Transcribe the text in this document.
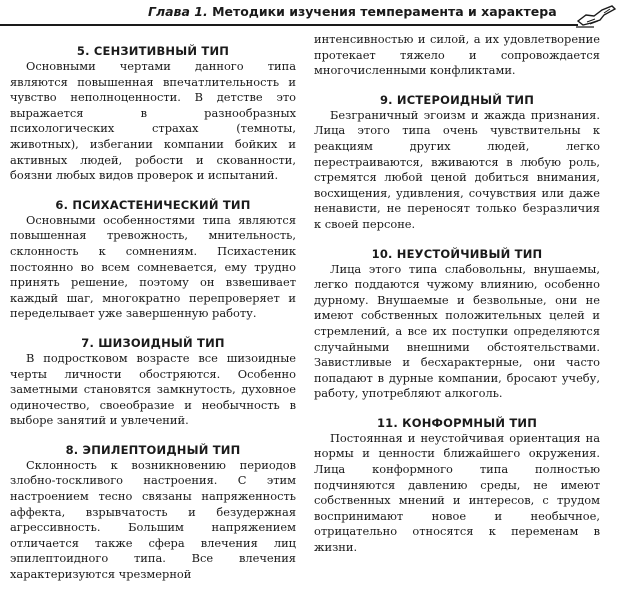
Глава 1. Методики изучения темперамента и характера
5. СЕНЗИТИВНЫЙ ТИП

Основными чертами данного типа являются повышенная впечатлительность и чувство неполноценности. В детстве это выражается в разнообразных психологических страхах (темноты, животных), избегании компании бойких и активных людей, робости и скованности, боязни любых видов проверок и испытаний.

6. ПСИХАСТЕНИЧЕСКИЙ ТИП

Основными особенностями типа являются повышенная тревожность, мнительность, склонность к сомнениям. Психастеник постоянно во всем сомневается, ему трудно принять решение, поэтому он взвешивает каждый шаг, многократно перепроверяет и переделывает уже завершенную работу.

7. ШИЗОИДНЫЙ ТИП

В подростковом возрасте все шизоидные черты личности обостряются. Особенно заметными становятся замкнутость, духовное одиночество, своеобразие и необычность в выборе занятий и увлечений.

8. ЭПИЛЕПТОИДНЫЙ ТИП

Склонность к возникновению периодов злобно-тоскливого настроения. С этим настроением тесно связаны напряженность аффекта, взрывчатость и безудержная агрессивность. Большим напряжением отличается также сфера влечения лиц эпилептоидного типа. Все влечения характеризуются чрезмерной

интенсивностью и силой, а их удовлетворение протекает тяжело и сопровождается многочисленными конфликтами.

9. ИСТЕРОИДНЫЙ ТИП

Безграничный эгоизм и жажда признания. Лица этого типа очень чувствительны к реакциям других людей, легко перестраиваются, вживаются в любую роль, стремятся любой ценой добиться внимания, восхищения, удивления, сочувствия или даже ненависти, не переносят только безразличия к своей персоне.

10. НЕУСТОЙЧИВЫЙ ТИП

Лица этого типа слабовольны, внушаемы, легко поддаются чужому влиянию, особенно дурному. Внушаемые и безвольные, они не имеют собственных положительных целей и стремлений, а все их поступки определяются случайными внешними обстоятельствами. Завистливые и бесхарактерные, они часто попадают в дурные компании, бросают учебу, работу, употребляют алкоголь.

11. КОНФОРМНЫЙ ТИП

Постоянная и неустойчивая ориентация на нормы и ценности ближайшего окружения. Лица конформного типа полностью подчиняются давлению среды, не имеют собственных мнений и интересов, с трудом воспринимают новое и необычное, отрицательно относятся к переменам в жизни.
